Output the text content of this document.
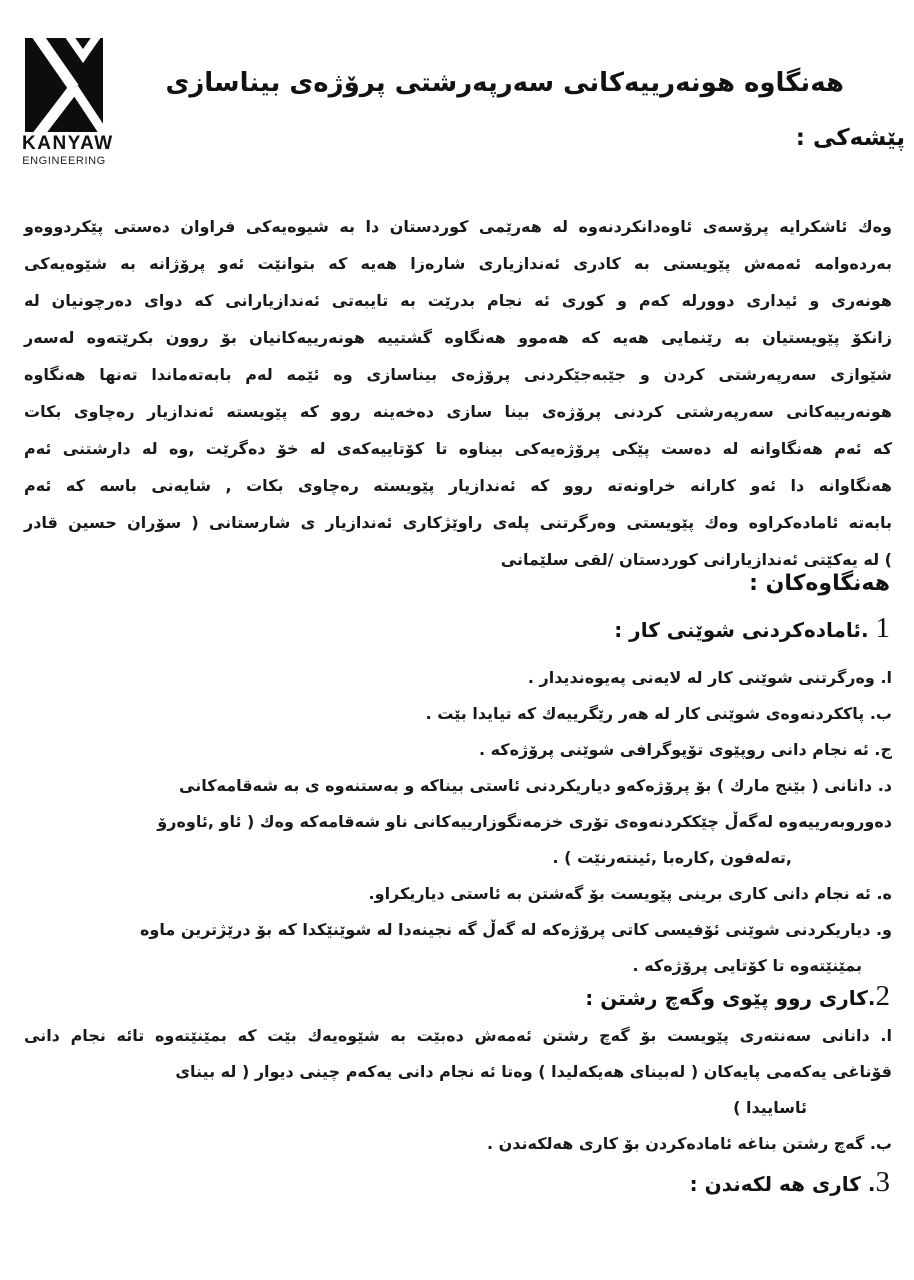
KANYAW
ENGINEERING
هەنگاوه هونەرییەكانی سەرپەرشتی پرۆژەی بیناسازی
پێشەكی :
وەك ئاشكرایه پرۆسەی ئاوەدانكردنەوه له هەرێمی كوردستان دا به شیوەیەكی فراوان دەستی پێكردووەو
بەردەوامه ئەمەش پێویستی به كادری ئەندازیاری شارەزا هەیه كه بتوانێت ئەو پرۆژانه به شێوەیەكی
هونەری و ئیداری دوورله كەم و كوری ئە نجام بدرێت به تایبەتی ئەندازیارانی كه دوای دەرچونیان له
زانكۆ پێویستیان به رێنمایی هەیه كه هەموو هەنگاوه گشتییه هونەرییەكانیان بۆ روون بكرێتەوه لەسەر
شێوازی سەرپەرشتی كردن و جێبەجێكردنی پرۆژەی بیناسازی وه ئێمه لەم بابەتەماندا تەنها هەنگاوه
هونەرییەكانی سەرپەرشتی كردنی پرۆژەی بینا سازی دەخەینه روو كه پێویسته ئەندازیار رەچاوی بكات
كه ئەم هەنگاوانه له دەست پێكی پرۆژەیەكی بیناوه تا كۆتاییەكەی له خۆ دەگرێت ,وه له دارشتنی ئەم
هەنگاوانه دا ئەو كارانه خراونەته روو كه ئەندازیار پێویسته رەچاوی بكات , شایەنی باسه كه ئەم
بابەته ئامادەكراوه وەك پێویستی وەرگرتنی پلەی راوێژكاری ئەندازیار ی شارستانی ( سۆران حسین قادر
) له یەكێتی ئەندازیارانی كوردستان /لقی سلێمانی
هەنگاوەكان :
1 .ئامادەكردنی شوێنی كار :
ا. وەرگرتنی شوێنی كار له لایەنی پەیوەندیدار .
ب. پاككردنەوەی شوێنی كار له هەر رێگرییەك كه تیایدا بێت .
ج. ئە نجام دانی روپێوی تۆپوگرافی شوێنی پرۆژەكه .
د. دانانی ( بێنج مارك ) بۆ پرۆژەكەو دیاریكردنی ئاستی بیناكه و بەستنەوه ی به شەقامەكانی
دەوروبەرییەوه لەگەڵ چێككردنەوەی تۆری خزمەتگوزارییەكانی ناو شەقامەكه وەك ( ئاو ,ئاوەرۆ
,تەلەفون ,كارەبا ,ئینتەرنێت ) .
ه. ئە نجام دانی كاری برینی پێویست بۆ گەشتن به ئاستی دیاریكراو.
و. دیاریكردنی شوێنی ئۆفیسی كاتی پرۆژەكه له گەڵ گە نجینەدا له شوێنێكدا كه بۆ درێژترین ماوه
بمێنێتەوه تا كۆتایی پرۆژەكه .
2.كاری روو پێوی وگەچ رشتن :
ا. دانانی سەنتەری پێویست بۆ گەچ رشتن ئەمەش دەبێت به شێوەیەك بێت كه بمێنێتەوه تائە نجام دانی
قۆناغی یەكەمی پایەكان ( لەبینای هەیكەلیدا ) وەتا ئە نجام دانی یەكەم چینی دیوار ( له بینای
ئاساییدا )
ب. گەچ رشتن بناغه ئامادەكردن بۆ كاری هەلكەندن .
3. كاری هە لكەندن :
